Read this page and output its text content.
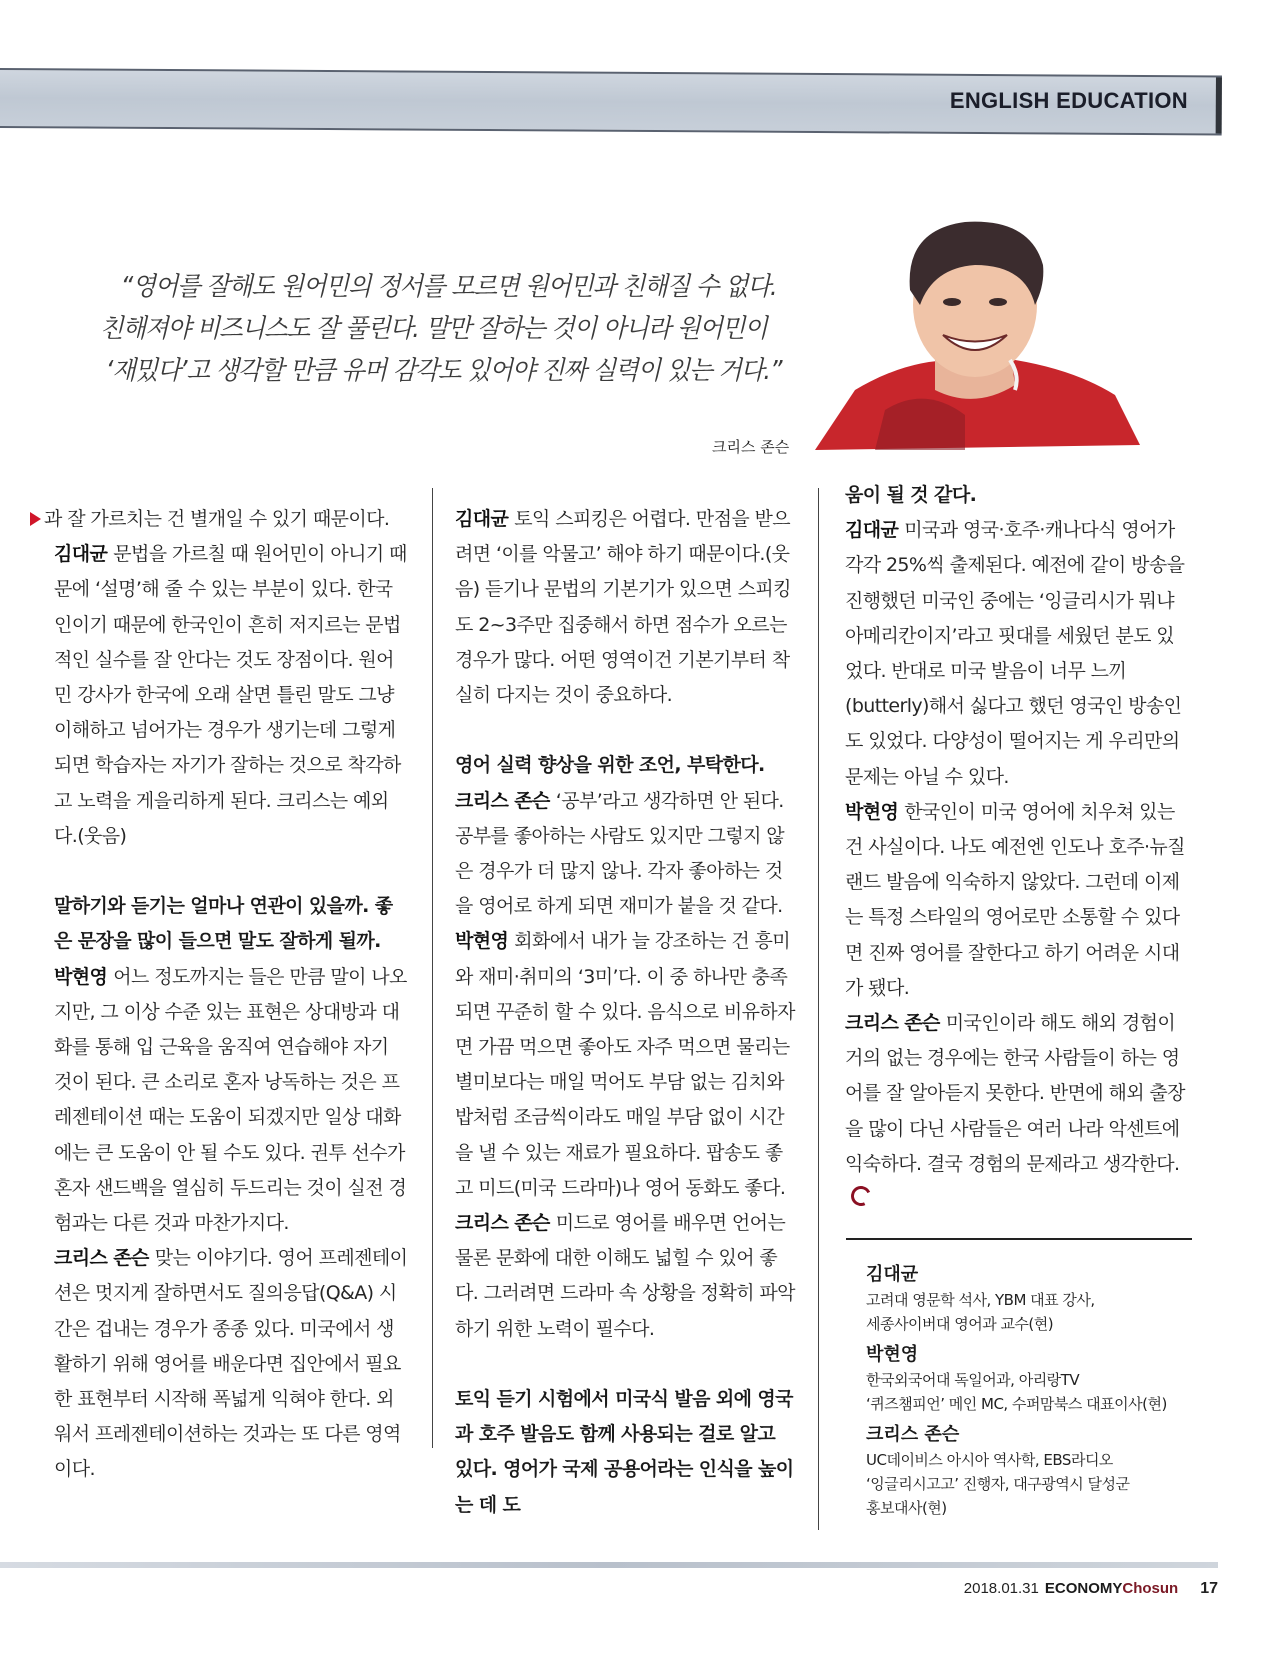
ENGLISH EDUCATION
“영어를 잘해도 원어민의 정서를 모르면 원어민과 친해질 수 없다.
친해져야 비즈니스도 잘 풀린다. 말만 잘하는 것이 아니라 원어민이
‘재밌다’고 생각할 만큼 유머 감각도 있어야 진짜 실력이 있는 거다.”
크리스 존슨
과 잘 가르치는 건 별개일 수 있기 때문이다.
김대균 문법을 가르칠 때 원어민이 아니기 때문에 ‘설명’해 줄 수 있는 부분이 있다. 한국인이기 때문에 한국인이 흔히 저지르는 문법적인 실수를 잘 안다는 것도 장점이다. 원어민 강사가 한국에 오래 살면 틀린 말도 그냥 이해하고 넘어가는 경우가 생기는데 그렇게 되면 학습자는 자기가 잘하는 것으로 착각하고 노력을 게을리하게 된다. 크리스는 예외다.(웃음)
말하기와 듣기는 얼마나 연관이 있을까. 좋은 문장을 많이 들으면 말도 잘하게 될까.
박현영 어느 정도까지는 들은 만큼 말이 나오지만, 그 이상 수준 있는 표현은 상대방과 대화를 통해 입 근육을 움직여 연습해야 자기 것이 된다. 큰 소리로 혼자 낭독하는 것은 프레젠테이션 때는 도움이 되겠지만 일상 대화에는 큰 도움이 안 될 수도 있다. 권투 선수가 혼자 샌드백을 열심히 두드리는 것이 실전 경험과는 다른 것과 마찬가지다.
크리스 존슨 맞는 이야기다. 영어 프레젠테이션은 멋지게 잘하면서도 질의응답(Q&A) 시간은 겁내는 경우가 종종 있다. 미국에서 생활하기 위해 영어를 배운다면 집안에서 필요한 표현부터 시작해 폭넓게 익혀야 한다. 외워서 프레젠테이션하는 것과는 또 다른 영역이다.
김대균 토익 스피킹은 어렵다. 만점을 받으려면 ‘이를 악물고’ 해야 하기 때문이다.(웃음) 듣기나 문법의 기본기가 있으면 스피킹도 2~3주만 집중해서 하면 점수가 오르는 경우가 많다. 어떤 영역이건 기본기부터 착실히 다지는 것이 중요하다.
영어 실력 향상을 위한 조언, 부탁한다.
크리스 존슨 ‘공부’라고 생각하면 안 된다. 공부를 좋아하는 사람도 있지만 그렇지 않은 경우가 더 많지 않나. 각자 좋아하는 것을 영어로 하게 되면 재미가 붙을 것 같다.
박현영 회화에서 내가 늘 강조하는 건 흥미와 재미·취미의 ‘3미’다. 이 중 하나만 충족되면 꾸준히 할 수 있다. 음식으로 비유하자면 가끔 먹으면 좋아도 자주 먹으면 물리는 별미보다는 매일 먹어도 부담 없는 김치와 밥처럼 조금씩이라도 매일 부담 없이 시간을 낼 수 있는 재료가 필요하다. 팝송도 좋고 미드(미국 드라마)나 영어 동화도 좋다.
크리스 존슨 미드로 영어를 배우면 언어는 물론 문화에 대한 이해도 넓힐 수 있어 좋다. 그러려면 드라마 속 상황을 정확히 파악하기 위한 노력이 필수다.
토익 듣기 시험에서 미국식 발음 외에 영국과 호주 발음도 함께 사용되는 걸로 알고 있다. 영어가 국제 공용어라는 인식을 높이는 데 도
움이 될 것 같다.
김대균 미국과 영국·호주·캐나다식 영어가 각각 25%씩 출제된다. 예전에 같이 방송을 진행했던 미국인 중에는 ‘잉글리시가 뭐냐 아메리칸이지’라고 핏대를 세웠던 분도 있었다. 반대로 미국 발음이 너무 느끼(butterly)해서 싫다고 했던 영국인 방송인도 있었다. 다양성이 떨어지는 게 우리만의 문제는 아닐 수 있다.
박현영 한국인이 미국 영어에 치우쳐 있는 건 사실이다. 나도 예전엔 인도나 호주·뉴질랜드 발음에 익숙하지 않았다. 그런데 이제는 특정 스타일의 영어로만 소통할 수 있다면 진짜 영어를 잘한다고 하기 어려운 시대가 됐다.
크리스 존슨 미국인이라 해도 해외 경험이 거의 없는 경우에는 한국 사람들이 하는 영어를 잘 알아듣지 못한다. 반면에 해외 출장을 많이 다닌 사람들은 여러 나라 악센트에 익숙하다. 결국 경험의 문제라고 생각한다.
김대균
고려대 영문학 석사, YBM 대표 강사,
세종사이버대 영어과 교수(현)
박현영
한국외국어대 독일어과, 아리랑TV
‘퀴즈챔피언’ 메인 MC, 수퍼맘북스 대표이사(현)
크리스 존슨
UC데이비스 아시아 역사학, EBS라디오
‘잉글리시고고’ 진행자, 대구광역시 달성군
홍보대사(현)
2018.01.31 ECONOMYChosun 17
